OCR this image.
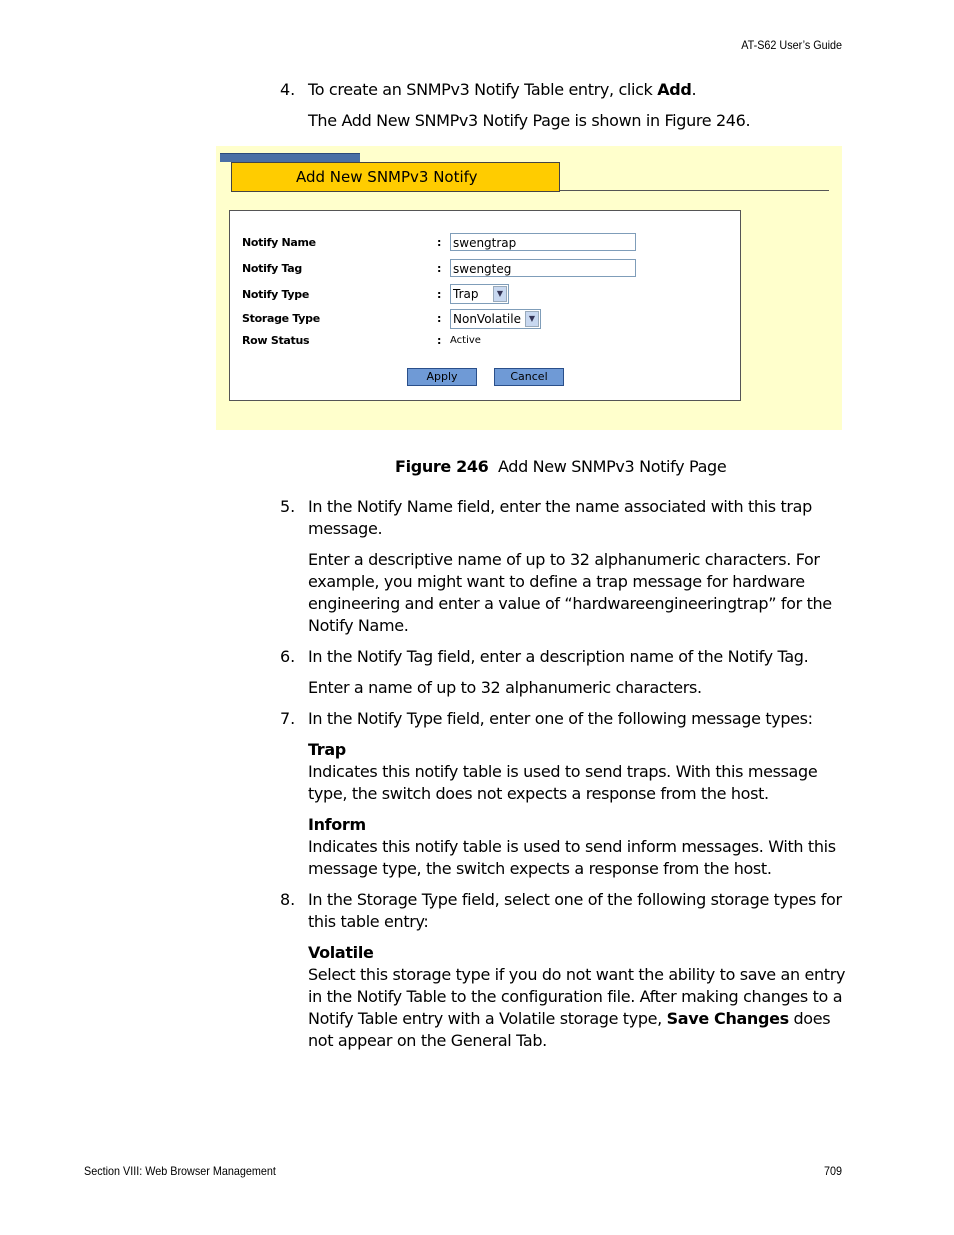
AT-S62 User’s Guide
4. To create an SNMPv3 Notify Table entry, click Add.
The Add New SNMPv3 Notify Page is shown in Figure 246.
Add New SNMPv3 Notify
Notify Name	: swengtrap
Notify Tag	: swengteg
Notify Type	: Trap	▼
Storage Type	: NonVolatile ▼
Row Status	: Active
Apply	Cancel
Figure 246 Add New SNMPv3 Notify Page
5. In the Notify Name field, enter the name associated with this trap message.
Enter a descriptive name of up to 32 alphanumeric characters. For example, you might want to define a trap message for hardware engineering and enter a value of “hardwareengineeringtrap” for the Notify Name.
6. In the Notify Tag field, enter a description name of the Notify Tag.
Enter a name of up to 32 alphanumeric characters.
7. In the Notify Type field, enter one of the following message types:
Trap
Indicates this notify table is used to send traps. With this message type, the switch does not expects a response from the host.
Inform
Indicates this notify table is used to send inform messages. With this message type, the switch expects a response from the host.
8. In the Storage Type field, select one of the following storage types for this table entry:
Volatile
Select this storage type if you do not want the ability to save an entry in the Notify Table to the configuration file. After making changes to a Notify Table entry with a Volatile storage type, Save Changes does not appear on the General Tab.
Section VIII: Web Browser Management	709
